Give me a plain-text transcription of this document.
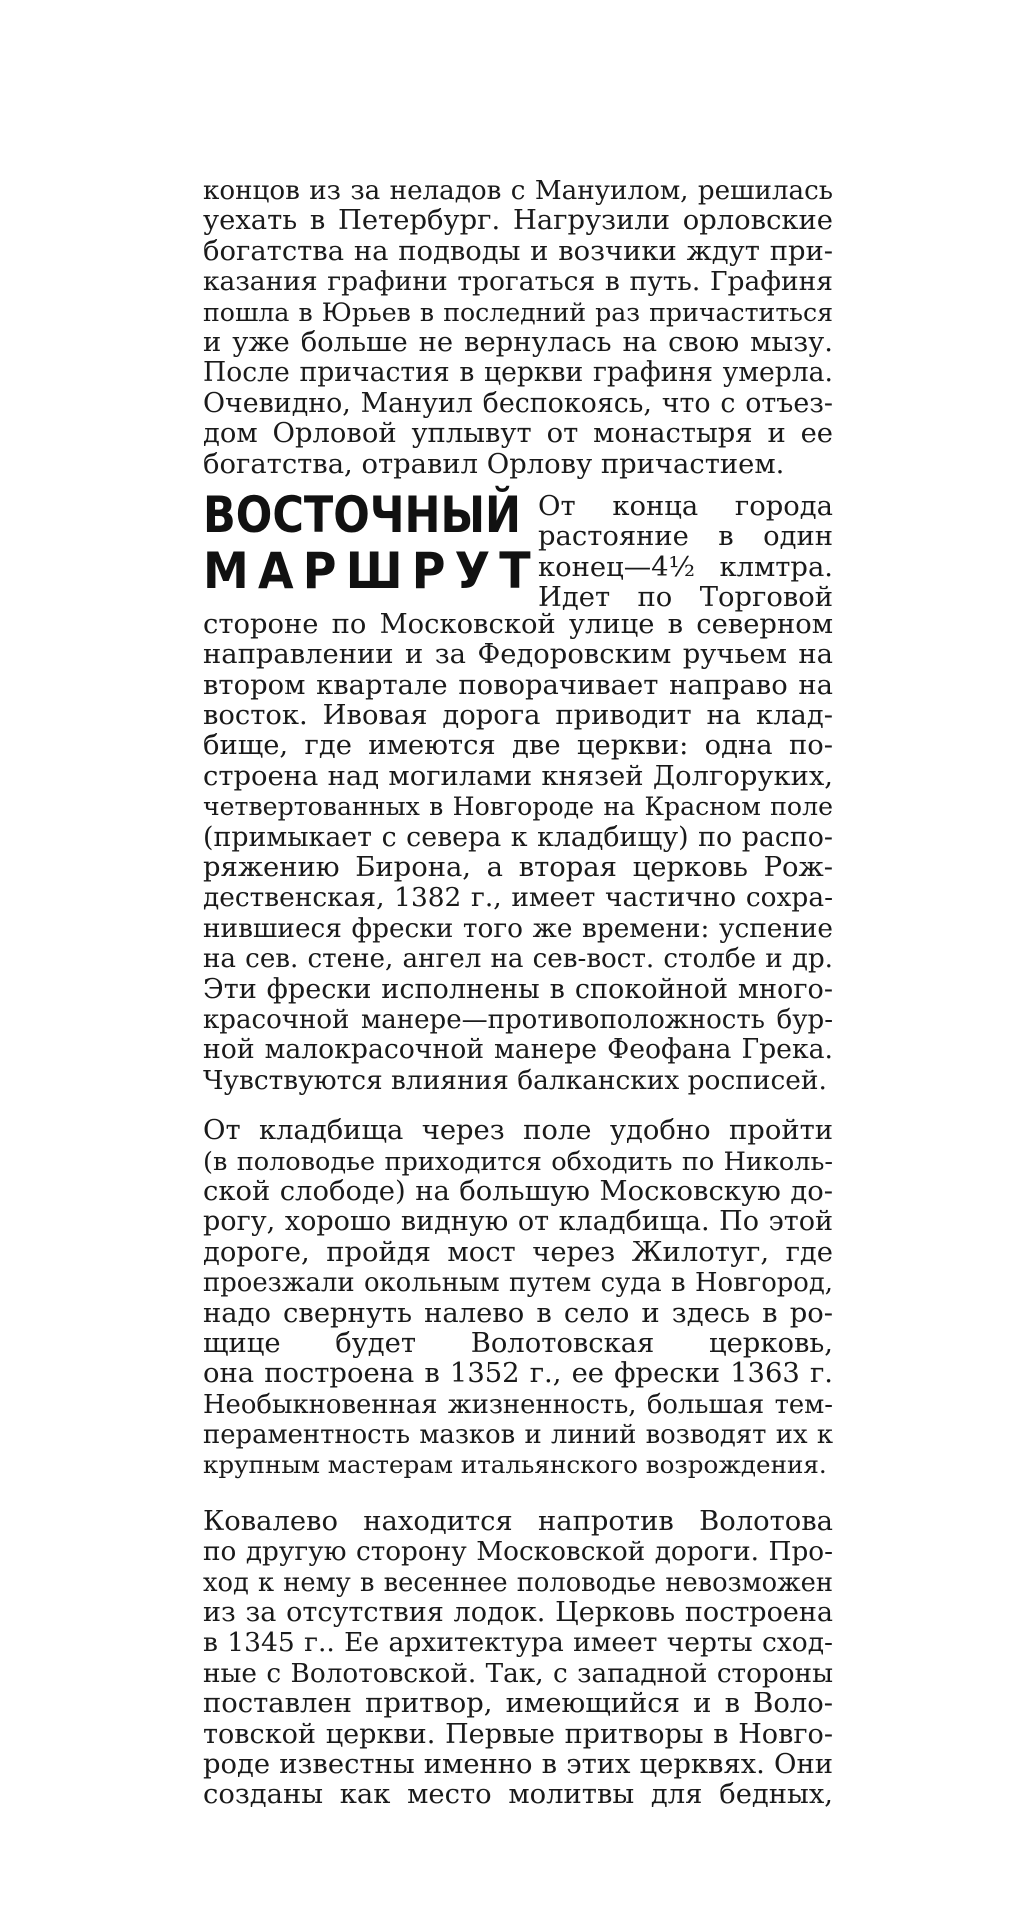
концов из за неладов с Мануилом, решилась
уехать в Петербург. Нагрузили орловские
богатства на подводы и возчики ждут при-
казания графини трогаться в путь. Графиня
пошла в Юрьев в последний раз причаститься
и уже больше не вернулась на свою мызу.
После причастия в церкви графиня умерла.
Очевидно, Мануил беспокоясь, что с отъез-
дом Орловой уплывут от монастыря и ее
богатства, отравил Орлову причастием.
ВОСТОЧНЫЙ
МАРШРУТ
От конца города
растояние в один
конец—4½ клмтра.
Идет по Торговой
стороне по Московской улице в северном
направлении и за Федоровским ручьем на
втором квартале поворачивает направо на
восток. Ивовая дорога приводит на клад-
бище, где имеются две церкви: одна по-
строена над могилами князей Долгоруких,
четвертованных в Новгороде на Красном поле
(примыкает с севера к кладбищу) по распо-
ряжению Бирона, а вторая церковь Рож-
дественская, 1382 г., имеет частично сохра-
нившиеся фрески того же времени: успение
на сев. стене, ангел на сев-вост. столбе и др.
Эти фрески исполнены в спокойной много-
красочной манере—противоположность бур-
ной малокрасочной манере Феофана Грека.
Чувствуются влияния балканских росписей.
От кладбища через поле удобно пройти
(в половодье приходится обходить по Николь-
ской слободе) на большую Московскую до-
рогу, хорошо видную от кладбища. По этой
дороге, пройдя мост через Жилотуг, где
проезжали окольным путем суда в Новгород,
надо свернуть налево в село и здесь в ро-
щице будет Волотовская церковь,
она построена в 1352 г., ее фрески 1363 г.
Необыкновенная жизненность, большая тем-
пераментность мазков и линий возводят их к
крупным мастерам итальянского возрождения.
Ковалево находится напротив Волотова
по другую сторону Московской дороги. Про-
ход к нему в весеннее половодье невозможен
из за отсутствия лодок. Церковь построена
в 1345 г.. Ее архитектура имеет черты сход-
ные с Волотовской. Так, с западной стороны
поставлен притвор, имеющийся и в Воло-
товской церкви. Первые притворы в Новго-
роде известны именно в этих церквях. Они
созданы как место молитвы для бедных,
